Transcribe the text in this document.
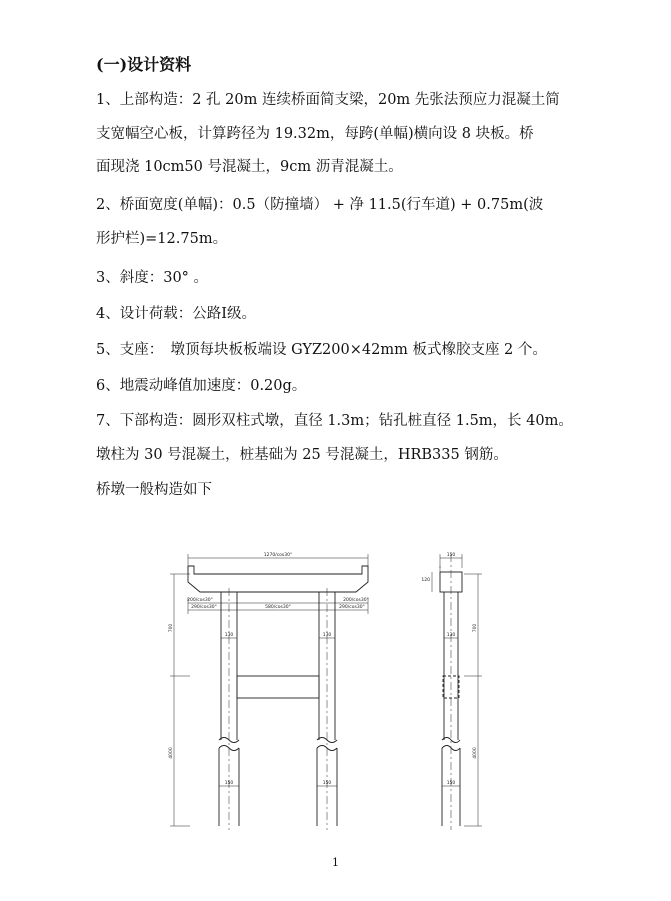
(一)设计资料
1、上部构造：2 孔 20m 连续桥面简支梁，20m 先张法预应力混凝土简
支宽幅空心板，计算跨径为 19.32m，每跨(单幅)横向设 8 块板。桥
面现浇 10cm50 号混凝土，9cm 沥青混凝土。
2、桥面宽度(单幅)：0.5（防撞墙） + 净 11.5(行车道) + 0.75m(波
形护栏)=12.75m。
3、斜度：30° 。
4、设计荷载：公路Ⅰ级。
5、支座：　墩顶每块板板端设 GYZ200×42mm 板式橡胶支座 2 个。
6、地震动峰值加速度：0.20g。
7、下部构造：圆形双柱式墩，直径 1.3m；钻孔桩直径 1.5m，长 40m。
墩柱为 30 号混凝土，桩基础为 25 号混凝土，HRB335 钢筋。
桥墩一般构造如下
1270/cos30°
200/cos30°
290/cos30°	580/cos30°
200/cos30°
290/cos30°
130	130
150	150
700
4000
150
120
130
150
700
4000
1
